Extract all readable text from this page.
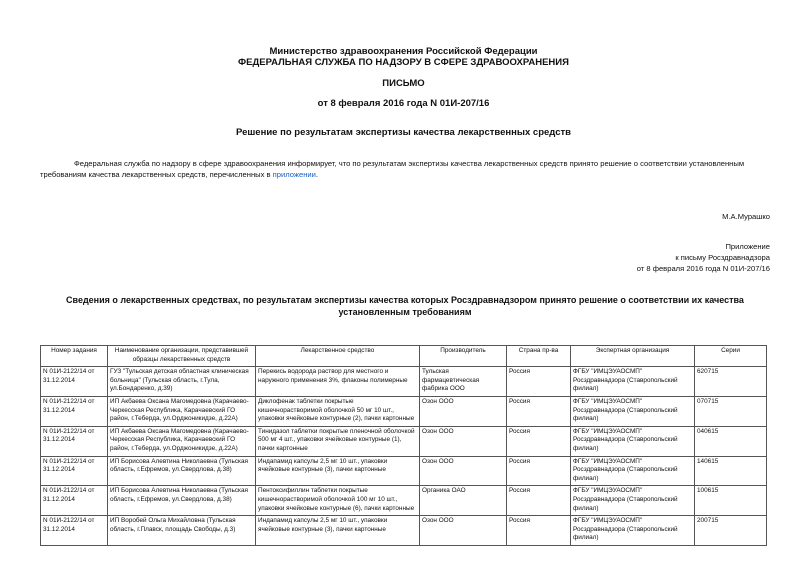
Министерство здравоохранения Российской Федерации
ФЕДЕРАЛЬНАЯ СЛУЖБА ПО НАДЗОРУ В СФЕРЕ ЗДРАВООХРАНЕНИЯ
ПИСЬМО
от 8 февраля 2016 года N 01И-207/16
Решение по результатам экспертизы качества лекарственных средств
Федеральная служба по надзору в сфере здравоохранения информирует, что по результатам экспертизы качества лекарственных средств принято решение о соответствии установленным требованиям качества лекарственных средств, перечисленных в приложении.
М.А.Мурашко
Приложение
к письму Росздравнадзора
от 8 февраля 2016 года N 01И-207/16
Сведения о лекарственных средствах, по результатам экспертизы качества которых Росздравнадзором принято решение о соответствии их качества установленным требованиям
Номер задания	Наименование организации, представившей образцы лекарственных средств	Лекарственное средство	Производитель	Страна пр-ва	Экспертная организация	Серии
N 01И-2122/14 от 31.12.2014	ГУЗ "Тульская детская областная клиническая больница" (Тульская область, г.Тула, ул.Бондаренко, д.39)	Перекись водорода раствор для местного и наружного применения 3%, флаконы полимерные	Тульская фармацевтическая фабрика ООО	Россия	ФГБУ "ИМЦЭУАОСМП" Росздравнадзора (Ставропольский филиал)	620715
N 01И-2122/14 от 31.12.2014	ИП Акбаева Оксана Магомедовна (Карачаево-Черкесская Республика, Карачаевский ГО район, г.Теберда, ул.Орджоникидзе, д.22А)	Диклофенак таблетки покрытые кишечнорастворимой оболочкой 50 мг 10 шт., упаковки ячейковые контурные (2), пачки картонные	Озон ООО	Россия	ФГБУ "ИМЦЭУАОСМП" Росздравнадзора (Ставропольский филиал)	070715
N 01И-2122/14 от 31.12.2014	ИП Акбаева Оксана Магомедовна (Карачаево-Черкесская Республика, Карачаевский ГО район, г.Теберда, ул.Орджоникидзе, д.22А)	Тинидазол таблетки покрытые пленочной оболочкой 500 мг 4 шт., упаковки ячейковые контурные (1), пачки картонные	Озон ООО	Россия	ФГБУ "ИМЦЭУАОСМП" Росздравнадзора (Ставропольский филиал)	040615
N 01И-2122/14 от 31.12.2014	ИП Борисова Алевтина Николаевна (Тульская область, г.Ефремов, ул.Свердлова, д.38)	Индапамид капсулы 2,5 мг 10 шт., упаковки ячейковые контурные (3), пачки картонные	Озон ООО	Россия	ФГБУ "ИМЦЭУАОСМП" Росздравнадзора (Ставропольский филиал)	140615
N 01И-2122/14 от 31.12.2014	ИП Борисова Алевтина Николаевна (Тульская область, г.Ефремов, ул.Свердлова, д.38)	Пентоксифиллин таблетки покрытые кишечнорастворимой оболочкой 100 мг 10 шт., упаковки ячейковые контурные (6), пачки картонные	Органика ОАО	Россия	ФГБУ "ИМЦЭУАОСМП" Росздравнадзора (Ставропольский филиал)	100615
N 01И-2122/14 от 31.12.2014	ИП Воробей Ольга Михайловна (Тульская область, г.Плавск, площадь Свободы, д.3)	Индапамид капсулы 2,5 мг 10 шт., упаковки ячейковые контурные (3), пачки картонные	Озон ООО	Россия	ФГБУ "ИМЦЭУАОСМП" Росздравнадзора (Ставропольский филиал)	200715
